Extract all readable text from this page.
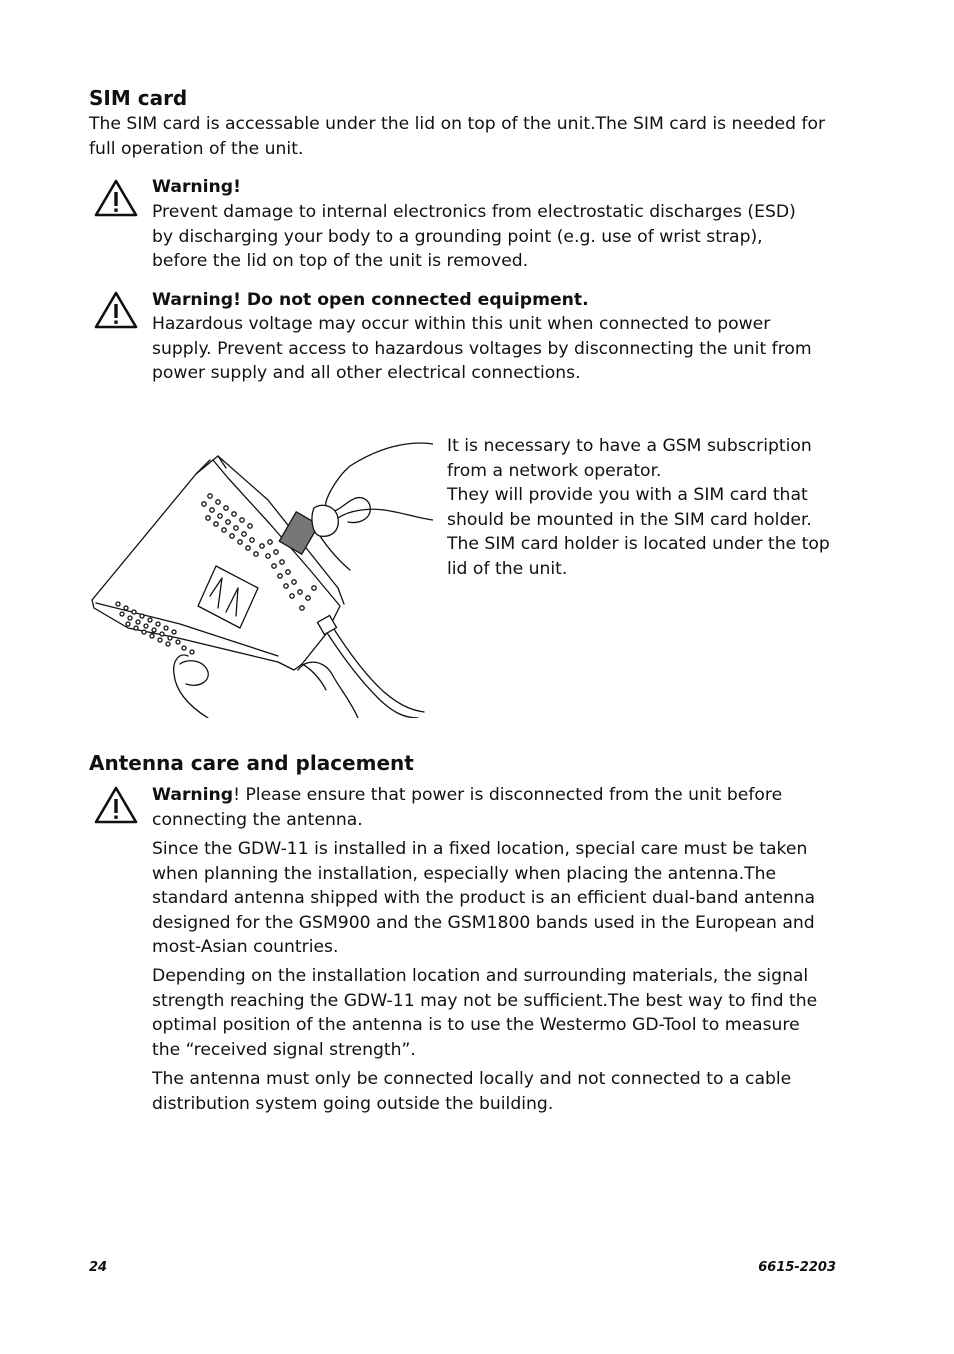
SIM card

The SIM card is accessable under the lid on top of the unit.The SIM card is needed for full operation of the unit.

Warning!

Prevent damage to internal electronics from electrostatic discharges (ESD) by discharging your body to a grounding point (e.g. use of wrist strap), before the lid on top of the unit is removed.

Warning! Do not open connected equipment.

Hazardous voltage may occur within this unit when connected to power supply. Prevent access to hazardous voltages by disconnecting the unit from power supply and all other electrical connections.

It is necessary to have a GSM subscription from a network operator.

They will provide you with a SIM card that should be mounted in the SIM card holder.

The SIM card holder is located under the top lid of the unit.

Antenna care and placement

Warning! Please ensure that power is disconnected from the unit before connecting the antenna.

Since the GDW-11 is installed in a fixed location, special care must be taken when planning the installation, especially when placing the antenna.The standard antenna shipped with the product is an efficient dual-band antenna designed for the GSM900 and the GSM1800 bands used in the European and most-Asian countries.

Depending on the installation location and surrounding materials, the signal strength reaching the GDW-11 may not be sufficient.The best way to find the optimal position of the antenna is to use the Westermo GD-Tool to measure the “received signal strength”.

The antenna must only be connected locally and not connected to a cable distribution system going outside the building.

24	6615-2203
